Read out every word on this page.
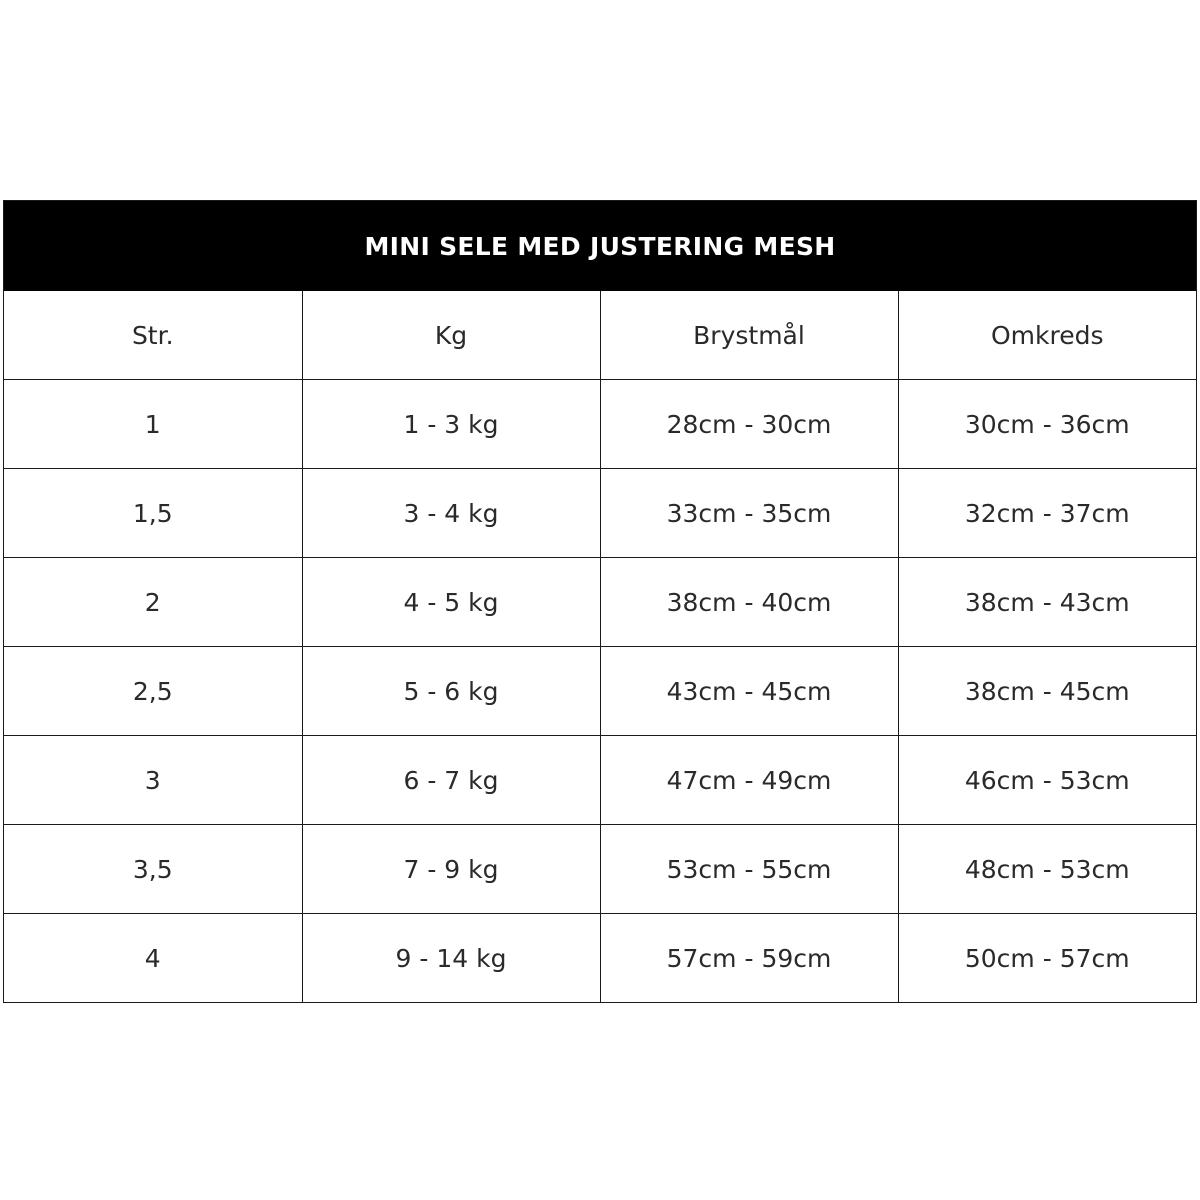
MINI SELE MED JUSTERING MESH
Str.	Kg	Brystmål	Omkreds
1	1 - 3 kg	28cm - 30cm	30cm - 36cm
1,5	3 - 4 kg	33cm - 35cm	32cm - 37cm
2	4 - 5 kg	38cm - 40cm	38cm - 43cm
2,5	5 - 6 kg	43cm - 45cm	38cm - 45cm
3	6 - 7 kg	47cm - 49cm	46cm - 53cm
3,5	7 - 9 kg	53cm - 55cm	48cm - 53cm
4	9 - 14 kg	57cm - 59cm	50cm - 57cm
